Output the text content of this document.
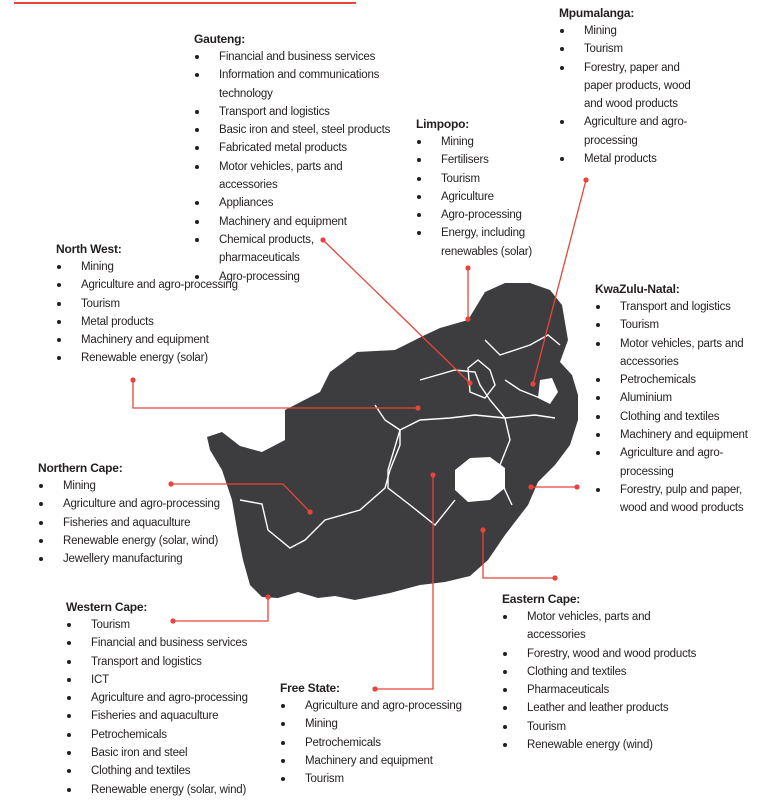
Gauteng:
Financial and business services
Information and communications technology
Transport and logistics
Basic iron and steel, steel products
Fabricated metal products
Motor vehicles, parts and accessories
Appliances
Machinery and equipment
Chemical products, pharmaceuticals
Agro-processing
Mpumalanga:
Mining
Tourism
Forestry, paper and paper products, wood and wood products
Agriculture and agro-processing
Metal products
Limpopo:
Mining
Fertilisers
Tourism
Agriculture
Agro-processing
Energy, including renewables (solar)
North West:
Mining
Agriculture and agro-processing
Tourism
Metal products
Machinery and equipment
Renewable energy (solar)
KwaZulu-Natal:
Transport and logistics
Tourism
Motor vehicles, parts and accessories
Petrochemicals
Aluminium
Clothing and textiles
Machinery and equipment
Agriculture and agro-processing
Forestry, pulp and paper, wood and wood products
Northern Cape:
Mining
Agriculture and agro-processing
Fisheries and aquaculture
Renewable energy (solar, wind)
Jewellery manufacturing
Western Cape:
Tourism
Financial and business services
Transport and logistics
ICT
Agriculture and agro-processing
Fisheries and aquaculture
Petrochemicals
Basic iron and steel
Clothing and textiles
Renewable energy (solar, wind)
Eastern Cape:
Motor vehicles, parts and accessories
Forestry, wood and wood products
Clothing and textiles
Pharmaceuticals
Leather and leather products
Tourism
Renewable energy (wind)
Free State:
Agriculture and agro-processing
Mining
Petrochemicals
Machinery and equipment
Tourism
